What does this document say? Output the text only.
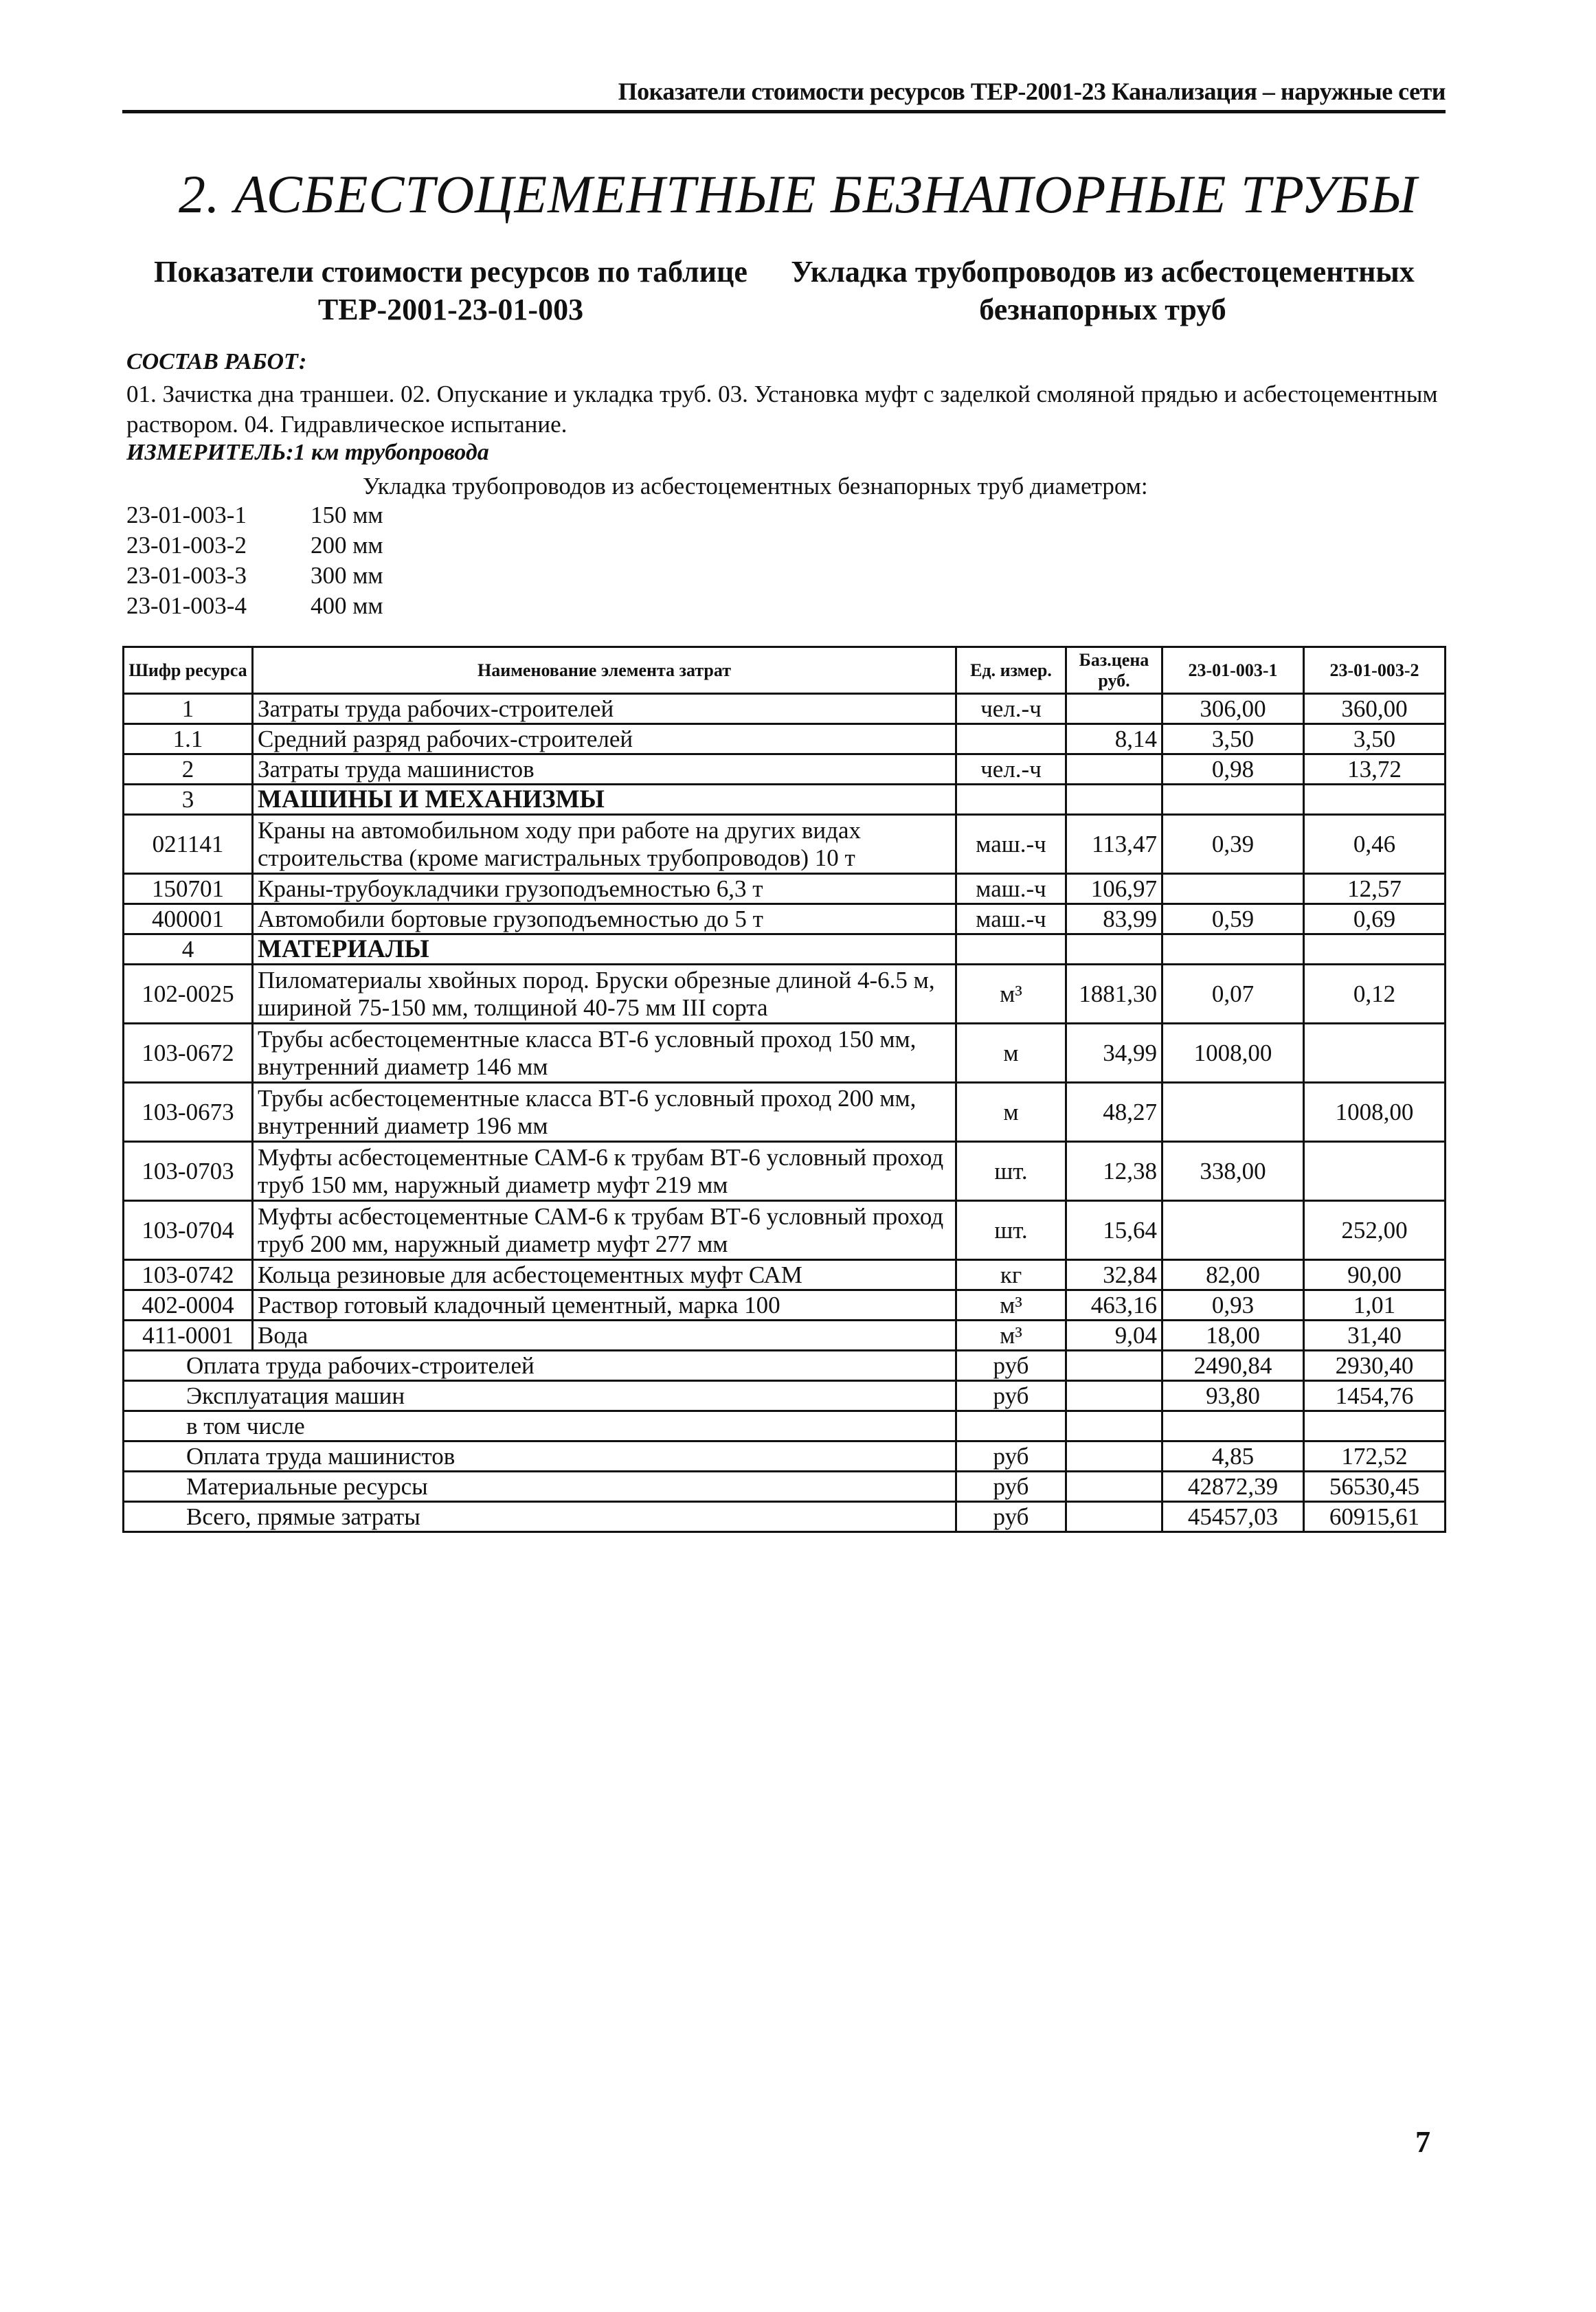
Показатели стоимости ресурсов ТЕР-2001-23 Канализация – наружные сети
2. АСБЕСТОЦЕМЕНТНЫЕ БЕЗНАПОРНЫЕ ТРУБЫ
Показатели стоимости ресурсов по таблице
ТЕР-2001-23-01-003
Укладка трубопроводов из асбестоцементных
безнапорных труб
СОСТАВ РАБОТ:
01. Зачистка дна траншеи. 02. Опускание и укладка труб. 03. Установка муфт с заделкой смоляной прядью и асбестоцементным раствором. 04. Гидравлическое испытание.
ИЗМЕРИТЕЛЬ:1 км трубопровода
Укладка трубопроводов из асбестоцементных безнапорных труб диаметром:
23-01-003-1	150 мм
23-01-003-2	200 мм
23-01-003-3	300 мм
23-01-003-4	400 мм
Шифр ресурса	Наименование элемента затрат	Ед. измер.	Баз.цена руб.	23-01-003-1	23-01-003-2
1	Затраты труда рабочих-строителей	чел.-ч		306,00	360,00
1.1	Средний разряд рабочих-строителей		8,14	3,50	3,50
2	Затраты труда машинистов	чел.-ч		0,98	13,72
3	МАШИНЫ И МЕХАНИЗМЫ				
021141	Краны на автомобильном ходу при работе на других видах строительства (кроме магистральных трубопроводов) 10 т	маш.-ч	113,47	0,39	0,46
150701	Краны-трубоукладчики грузоподъемностью 6,3 т	маш.-ч	106,97		12,57
400001	Автомобили бортовые грузоподъемностью до 5 т	маш.-ч	83,99	0,59	0,69
4	МАТЕРИАЛЫ				
102-0025	Пиломатериалы хвойных пород. Бруски обрезные длиной 4-6.5 м, шириной 75-150 мм, толщиной 40-75 мм III сорта	м³	1881,30	0,07	0,12
103-0672	Трубы асбестоцементные класса ВТ-6 условный проход 150 мм, внутренний диаметр 146 мм	м	34,99	1008,00	
103-0673	Трубы асбестоцементные класса ВТ-6 условный проход 200 мм, внутренний диаметр 196 мм	м	48,27		1008,00
103-0703	Муфты асбестоцементные САМ-6 к трубам ВТ-6 условный проход труб 150 мм, наружный диаметр муфт 219 мм	шт.	12,38	338,00	
103-0704	Муфты асбестоцементные САМ-6 к трубам ВТ-6 условный проход труб 200 мм, наружный диаметр муфт 277 мм	шт.	15,64		252,00
103-0742	Кольца резиновые для асбестоцементных муфт САМ	кг	32,84	82,00	90,00
402-0004	Раствор готовый кладочный цементный, марка 100	м³	463,16	0,93	1,01
411-0001	Вода	м³	9,04	18,00	31,40
Оплата труда рабочих-строителей		руб		2490,84	2930,40
Эксплуатация машин		руб		93,80	1454,76
в том числе					
Оплата труда машинистов		руб		4,85	172,52
Материальные ресурсы		руб		42872,39	56530,45
Всего, прямые затраты		руб		45457,03	60915,61
7
